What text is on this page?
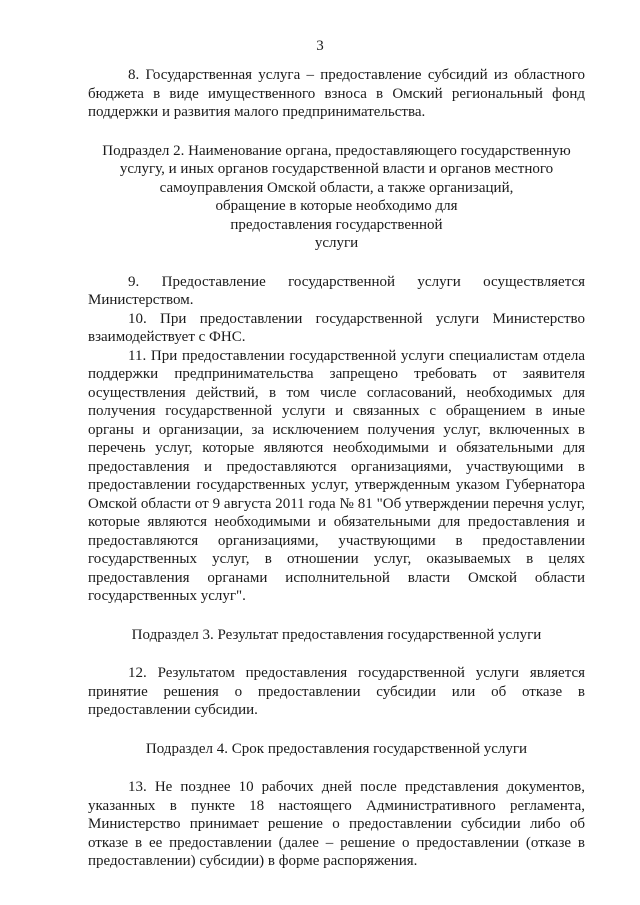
3

8. Государственная услуга – предоставление субсидий из областного бюджета в виде имущественного взноса в Омский региональный фонд поддержки и развития малого предпринимательства.

Подраздел 2. Наименование органа, предоставляющего государственную
услугу, и иных органов государственной власти и органов местного
самоуправления Омской области, а также организаций,
обращение в которые необходимо для
предоставления государственной
услуги

9. Предоставление государственной услуги осуществляется Министерством.

10. При предоставлении государственной услуги Министерство взаимодействует с ФНС.

11. При предоставлении государственной услуги специалистам отдела поддержки предпринимательства запрещено требовать от заявителя осуществления действий, в том числе согласований, необходимых для получения государственной услуги и связанных с обращением в иные органы и организации, за исключением получения услуг, включенных в перечень услуг, которые являются необходимыми и обязательными для предоставления и предоставляются организациями, участвующими в предоставлении государственных услуг, утвержденным указом Губернатора Омской области от 9 августа 2011 года № 81 "Об утверждении перечня услуг, которые являются необходимыми и обязательными для предоставления и предоставляются организациями, участвующими в предоставлении государственных услуг, в отношении услуг, оказываемых в целях предоставления органами исполнительной власти Омской области государственных услуг".

Подраздел 3. Результат предоставления государственной услуги

12. Результатом предоставления государственной услуги является принятие решения о предоставлении субсидии или об отказе в предоставлении субсидии.

Подраздел 4. Срок предоставления государственной услуги

13. Не позднее 10 рабочих дней после представления документов, указанных в пункте 18 настоящего Административного регламента, Министерство принимает решение о предоставлении субсидии либо об отказе в ее предоставлении (далее – решение о предоставлении (отказе в предоставлении) субсидии) в форме распоряжения.
